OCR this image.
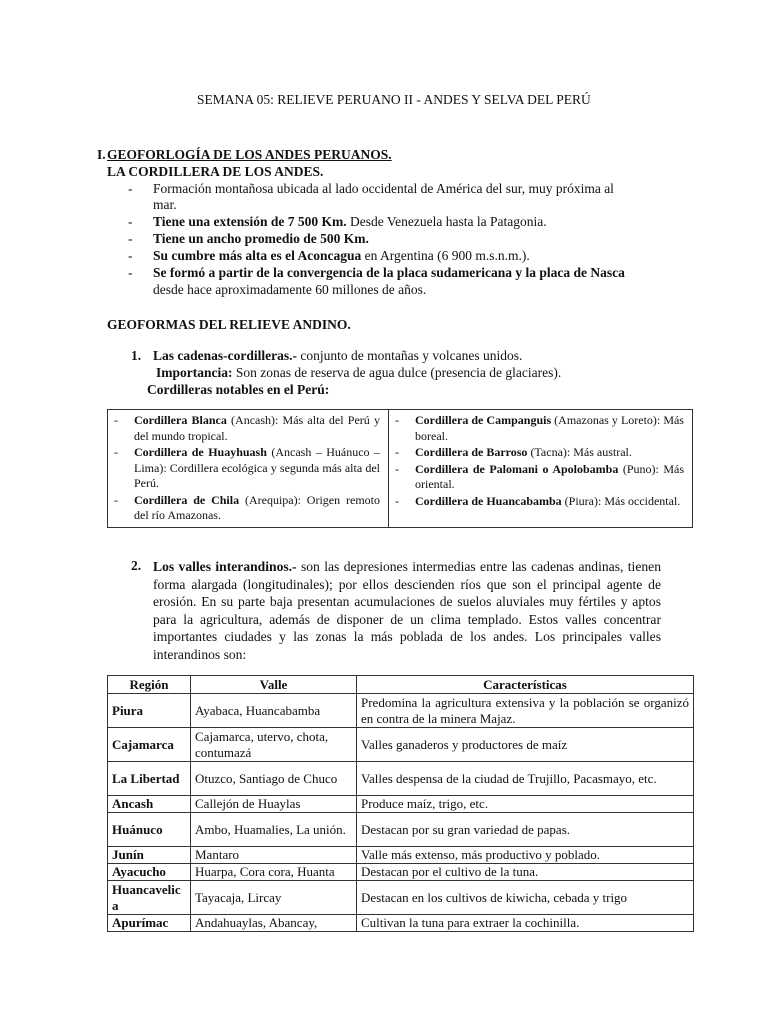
SEMANA 05: RELIEVE PERUANO II - ANDES Y SELVA DEL PERÚ
I. GEOFORLOGÍA DE LOS ANDES PERUANOS.
LA CORDILLERA DE LOS ANDES.
- Formación montañosa ubicada al lado occidental de América del sur, muy próxima al
mar.
- Tiene una extensión de 7 500 Km. Desde Venezuela hasta la Patagonia.
- Tiene un ancho promedio de 500 Km.
- Su cumbre más alta es el Aconcagua en Argentina (6 900 m.s.n.m.).
- Se formó a partir de la convergencia de la placa sudamericana y la placa de Nasca
desde hace aproximadamente 60 millones de años.
GEOFORMAS DEL RELIEVE ANDINO.
1. Las cadenas-cordilleras.- conjunto de montañas y volcanes unidos.
Importancia: Son zonas de reserva de agua dulce (presencia de glaciares).
Cordilleras notables en el Perú:
- Cordillera Blanca (Ancash): Más alta del Perú y del mundo tropical.
- Cordillera de Huayhuash (Ancash – Huánuco – Lima): Cordillera ecológica y segunda más alta del Perú.
- Cordillera de Chila (Arequipa): Origen remoto del río Amazonas.

- Cordillera de Campanguis (Amazonas y Loreto): Más boreal.
- Cordillera de Barroso (Tacna): Más austral.
- Cordillera de Palomani o Apolobamba (Puno): Más oriental.
- Cordillera de Huancabamba (Piura): Más occidental.
2. Los valles interandinos.- son las depresiones intermedias entre las cadenas andinas, tienen forma alargada (longitudinales); por ellos descienden ríos que son el principal agente de erosión. En su parte baja presentan acumulaciones de suelos aluviales muy fértiles y aptos para la agricultura, además de disponer de un clima templado. Estos valles concentrar importantes ciudades y las zonas la más poblada de los andes. Los principales valles interandinos son:
Región	Valle	Características
Piura	Ayabaca, Huancabamba	Predomina la agricultura extensiva y la población se organizó en contra de la minera Majaz.
Cajamarca	Cajamarca, utervo, chota, contumazá	Valles ganaderos y productores de maíz
La Libertad	Otuzco, Santiago de Chuco	Valles despensa de la ciudad de Trujillo, Pacasmayo, etc.
Ancash	Callejón de Huaylas	Produce maíz, trigo, etc.
Huánuco	Ambo, Huamalies, La unión.	Destacan por su gran variedad de papas.
Junín	Mantaro	Valle más extenso, más productivo y poblado.
Ayacucho	Huarpa, Cora cora, Huanta	Destacan por el cultivo de la tuna.
Huancavelica	Tayacaja, Lircay	Destacan en los cultivos de kiwicha, cebada y trigo
Apurímac	Andahuaylas, Abancay,	Cultivan la tuna para extraer la cochinilla.
